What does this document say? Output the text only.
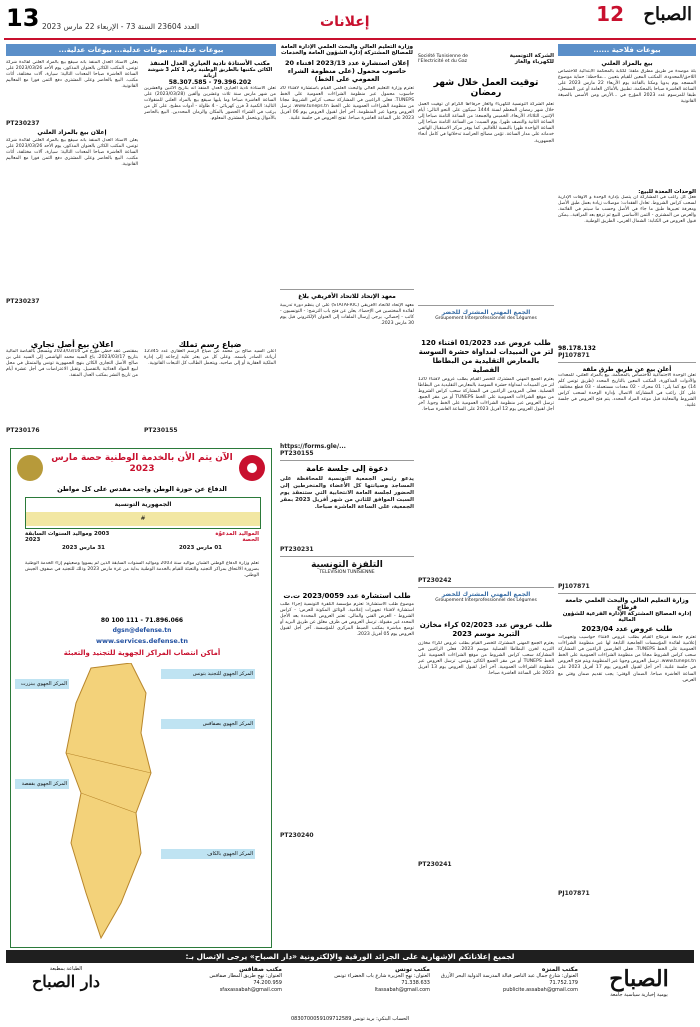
13 العدد 23604 السنة 73 - الإربعاء 22 مارس 2023	إعلانات	12 الصباح
بيوعات فلاحية ......
بيع بالمزاد العلني
بلة موصدة مر طريق مطرق ملفة: لكتابة بالمحكمة الابتدائية للاختصاص اللاحق/المحدودة، المكتب المعين للقيام بتعيين ...ملاحظة: حماية موضوع المسجد يوم يدويا ومكنا بالقاعة يوم الأربعاء 22 مارس 2023 على الساعة العاشرة صباحا بالمحكمة، تطبيق بالأماكن العامة أو عين المسجل، طبقا للمرسوم عدد 2023 المؤرخ في ...الأرض ومن الأسس بالصيغة القانونية
الوحدات المعدة للبيع:
فعل كل راغب في المشاركة أن يتصل بإدارة الوحدة و الأوقات الإدارية لسحب كراس الشروط. تعادل الفقدات: موصلات زيادة بعمل طبق الأصل ومعرفة تعبيرها طبق ما جاء في الأصل وحسب ما سيتم في القائمة. والعرض من المشتري - الثمن الأساسي للبيع ثم ترفع بعد المراقبة...يمكن قبول العروض في الكتابة: الشمال الغربي، الطريق الوطنية.
98.178.132
PJ107871
أعلن بيع عن طريق طرق ملفة
تعلن الوحدة الاجتماعية للاختصاص بالمحكمة، بيع بالمزاد العلني، للمعدات والأدوات المذكورة، المكتب المعين بالتاريخ المحدد (طريق تونس كلم 14) مع كما يلي: 01 محرك - 02 معدات مستعملة - 03 قطع مختلفة. على كل راغب في المشاركة الاتصال بإدارة الوحدة لسحب كراس الشروط والمعاينة قبل موعد المزاد المحدد. يتم فتح العروض في جلسة علنية.
PJ107871
وزارة التعليم العالي والبحث العلمي جامعة قرطاج
إدارة المصالح المشتركة الإدارة الفرعية للشؤون المالية
طلب عروض عدد 2023/04
تعتزم جامعة قرطاج القيام بطلب عروض لاقتناء حواسيب وتجهيزات إعلامية لفائدة المؤسسات الجامعية التابعة لها عبر منظومة الشراءات العمومية على الخط TUNEPS. فعلى العارضين الراغبين في المشاركة سحب كراس الشروط مجانا من منظومة الشراءات العمومية على الخط www.tuneps.tn. ترسل العروض وجوبا عبر المنظومة ويتم فتح العروض في جلسة علنية. آخر أجل لقبول العروض يوم 17 أفريل 2023 على الساعة العاشرة صباحا. الضمان الوقتي: يجب تقديم ضمان وقتي مع العرض.
PJ107871
الشركة التونسية للكهرباء والغاز
Société Tunisienne de l'Electricité et du Gaz
توقيت العمل خلال شهر رمضان
تعلم الشركة التونسية للكهرباء والغاز حرفاءها الكرام أن توقيت العمل خلال شهر رمضان المعظم لسنة 1444 سيكون على النحو التالي: أيام الإثنين، الثلاثاء، الأربعاء، الخميس والجمعة: من الساعة الثامنة صباحا إلى الساعة الثانية والنصف ظهرا. يوم السبت: من الساعة الثامنة صباحا إلى الساعة الواحدة ظهرا بالنسبة للأقاليم. كما يوفر مركز الاستقبال الهاتفي خدماته على مدار الساعة. تؤمن مصالح الحراسة تدخلاتها في كامل أنحاء الجمهورية.
الجمع المهني المشترك للخضر
Groupement Interprofessionnel des Légumes
طلب عروض عدد 01/2023 اقتناء 120 لتر من المبيدات لمداواة حشرة السوسة بالمعارض التقليدية من البطاطا الفصلية
يعتزم الجمع المهني المشترك للخضر القيام بطلب عروض لاقتناء 120 لتر من المبيدات لمداواة حشرة السوسة بالمعارض التقليدية من البطاطا الفصلية. فعلى المزودين الراغبين في المشاركة سحب كراس الشروط من موقع الشراءات العمومية على الخط TUNEPS أو من مقر الجمع. ترسل العروض عبر منظومة الشراءات العمومية على الخط وجوبا. آخر أجل لقبول العروض يوم 12 أفريل 2023 على الساعة العاشرة صباحا.
PT230242
الجمع المهني المشترك للخضر
Groupement Interprofessionnel des Légumes
طلب عروض عدد 02/2023 كراء مخازن التبريد موسم 2023
يعتزم الجمع المهني المشترك للخضر القيام بطلب عروض لكراء مخازن التبريد لخزن البطاطا الفصلية موسم 2023. فعلى الراغبين في المشاركة سحب كراس الشروط من موقع الشراءات العمومية على الخط TUNEPS أو من مقر الجمع الكائن بتونس. ترسل العروض عبر منظومة الشراءات العمومية. آخر أجل لقبول العروض يوم 13 أفريل 2023 على الساعة العاشرة صباحا.
PT230241
وزارة التعليم العالي والبحث العلمي الإدارة العامة للمصالح المشتركة إدارة الشؤون العامة والخدمات
إعلان استشارة عدد 2023/13 اقتناء 20 حاسوب محمول (على منظومة الشراء العمومي على الخط)
تعتزم وزارة التعليم العالي والبحث العلمي القيام باستشارة لاقتناء 20 حاسوب محمول عبر منظومة الشراءات العمومية على الخط TUNEPS. فعلى الراغبين في المشاركة سحب كراس الشروط مجانا من منظومة الشراءات العمومية على الخط www.tuneps.tn. ترسل العروض وجوبا عبر المنظومة. آخر أجل لقبول العروض يوم 06 أفريل 2023 على الساعة العاشرة صباحا. تفتح العروض في جلسة علنية.
معهد الإتحاد للاتحاد الأفريقي بلاغ
معهد الإتحاد للاتحاد الأفريقي (STATAFRIC) على أن ينظم دورة تدريبية لفائدة المختصين في الإحصاء. يعلن عن فتح باب الترشح: - التونسيون - كاتب - إحصائي. يرجى إرسال الملفات إلى العنوان الإلكتروني قبل يوم 30 مارس 2023.
https://forms.gle/...
PT230155
دعوة إلى جلسة عامة
يدعو رئيس الجمعية التونسية للمحافظة على المساجد وصيانتها كل الأعضاء والمنخرطين إلى الحضور لجلسة العامة الانتخابية التي ستنعقد يوم السبت الموافق للثاني من شهر أفريل 2023 بمقر الجمعية، على الساعة العاشرة صباحا.
PT230231
التلفزة التونسية
TELEVISION TUNISIENNE
طلب استشارة عدد 2023/0059 ت.ت
موضوع طلب الاستشارة: تعتزم مؤسسة التلفزة التونسية إجراء طلب استشارة لاقتناء تجهيزات إعلامية. الوثائق المكونة للعرض: - كراس الشروط - العرض الفني والمالي. تعتبر العروض المحددة بعد الأجل المحدد غير مقبولة. ترسل العروض في ظرف مغلق عن طريق البريد أو توضع مباشرة بمكتب الضبط المركزي للمؤسسة. آخر أجل لقبول العروض يوم 05 أفريل 2023.
PT230240
بيوعات عدلية... بيوعات عدلية... بيوعات عدلية...
مكتب الأستاذة نادية العياري العدل المنفذ
الكائن مكتبها بالطريق الوطنية رقم 1 كلم 3 شوشة أريانة
58.307.585 - 79.396.202
تعلن الأستاذة نادية العياري العدل المنفذ أنه بتاريخ الاثنين والعشرين من شهر مارس سنة ثلاث وعشرين وألفين (2023/03/28) على الساعة العاشرة صباحا وما يليها سيقع بيع بالمزاد العلني للمنقولات التالية: الكمية 3 فرن كهربائي - 4 طاولة - أدوات مطبخ. على كل من يرغب في الشراء الحضور بالمكان والزمان المحددين. البيع بالحاضر بالأموال ويتحمل المشتري المعلوم.
يعلن الأستاذ العدل المنفذ بأنه سيقع بيع بالمزاد العلني لفائدة شركة تونس، المكتب الكائن بالعنوان المذكور، يوم الأحد 2023/03/26 على الساعة العاشرة صباحا المعدات التالية: سيارة، آلات مختلفة، أثاث مكتب. البيع بالحاضر وعلى المشتري دفع الثمن فورا مع المعاليم القانونية.
PT230237
إعلان بيع بالمزاد العلني
يعلن الأستاذ العدل المنفذ بأنه سيقع بيع بالمزاد العلني لفائدة شركة تونس، المكتب الكائن بالعنوان المذكور، يوم الأحد 2023/03/26 على الساعة العاشرة صباحا المعدات التالية: سيارة، آلات مختلفة، أثاث مكتب. البيع بالحاضر وعلى المشتري دفع الثمن فورا مع المعاليم القانونية.
PT230237
اعلان بيع أصل تجاري
بمقتضى عقد خطي مؤرخ في 2023/03/16 ومسجل بالقباضة المالية بتاريخ 2023/03/17، باع السيد محمد الهاشمي إلى السيد علي بن صالح الأصل التجاري الكائن بنهج الجمهورية تونس والمتمثل في محل لبيع المواد الغذائية بالتفصيل. وتقبل الاعتراضات في أجل عشرة أيام من تاريخ النشر بمكتب العدل المنفذ.
PT230176
ضياع رسم تملك
أعلن السيد صالح بن محمد عن ضياع الرسم العقاري عدد 12345 أريانة، الصادر باسمه. وعلى كل من يعثر عليه إرجاعه إلى إدارة الملكية العقارية أو إلى صاحبه. ويتحمل الطالب كل التبعات القانونية.
PT230155
الآن يتم الأن بالخدمة الوطنية حصة مارس 2023
الدفاع عن حوزة الوطن واجب مقدس على كل مواطن
الجمهورية التونسية
#
المواليد المدعوّة
2003 ومواليد السنوات السابقة
الحصة
2023
01 مارس 2023
31 مارس 2023
تعلم وزارة الدفاع الوطني الشبان مواليد سنة 2003 ومواليد السنوات السابقة الذين لم يسووا وضعيتهم إزاء الخدمة الوطنية بضرورة الالتحاق بمراكز التجنيد والتعبئة للقيام بالخدمة الوطنية بداية من غرة مارس 2023 وذلك للتجنيد في صفوف الجيش الوطني.
80 100 111 - 71.896.066
dgsn@defense.tn
www.services.defense.tn
أماكن انتصاب المراكز الجهوية للتجنيد والتعبئة
المركز الجهوي للتجنيد بتونس
المركز الجهوي بصفاقس
المركز الجهوي ببنزرت
المركز الجهوي بقفصة
المركز الجهوي بالكاف
لجميع إعلاناتكم الإشهارية على الجرائد الورقية والإلكترونية «دار الصباح» يرجى الإتصال بـ:
الصباح
يومية إخبارية سياسية جامعة
مكتب المنزه
العنوان: شارع جمال عبد الناصر قبالة المدرسة الدولية البحر الأزرق
71.752.179
publicite.assabah@gmail.com
مكتب تونس
العنوان: نهج الجزيرة شارع باب الخضراء تونس
71.338.633
ltassabah@gmail.com
مكتب صفاقس
العنوان: نهج طريق المطار صفاقس
74.200.959
sfaxassabah@gmail.com
الطباعة بمطبعة
دار الصباح
الحساب البنكي: بريد تونس 0830700059109712589
